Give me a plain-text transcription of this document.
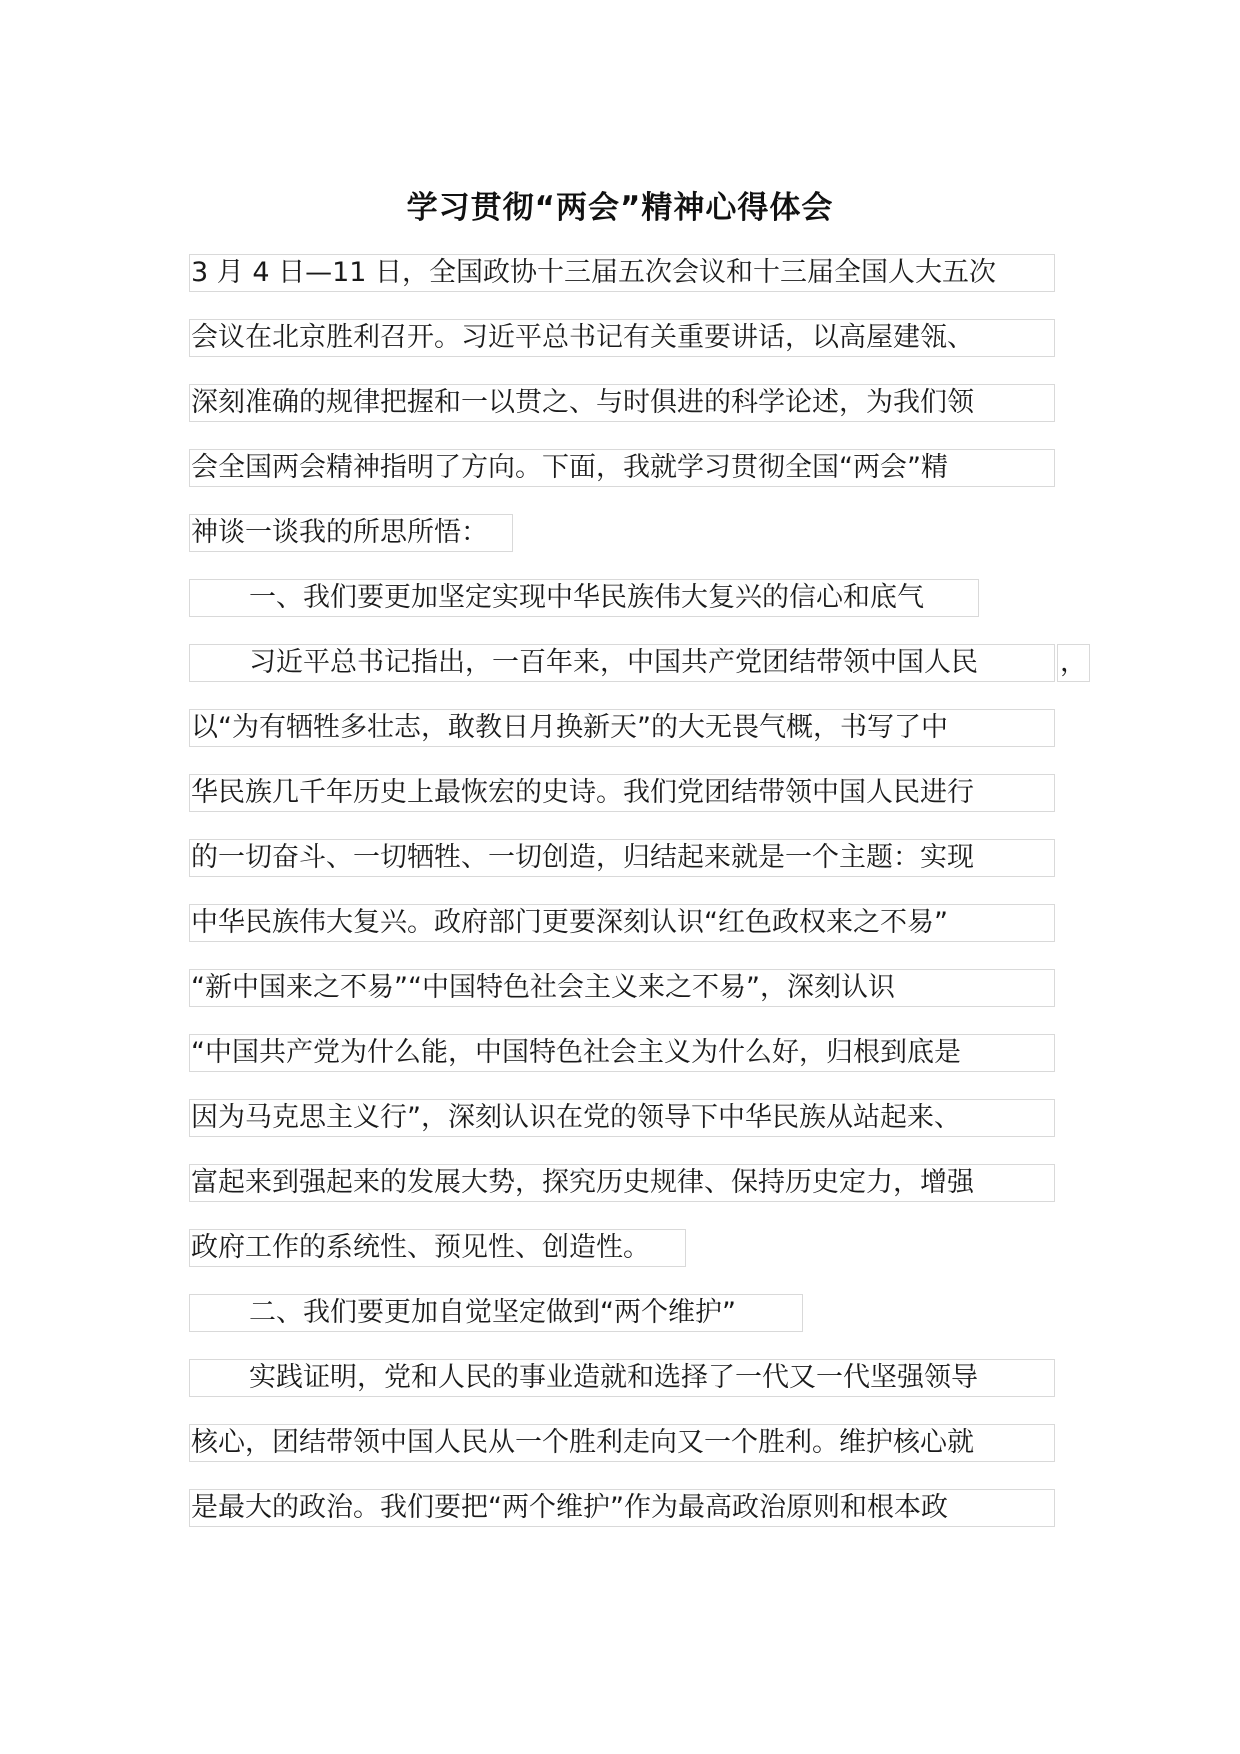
学习贯彻“两会”精神心得体会
3 月 4 日—11 日，全国政协十三届五次会议和十三届全国人大五次
会议在北京胜利召开。习近平总书记有关重要讲话，以高屋建瓴、
深刻准确的规律把握和一以贯之、与时俱进的科学论述，为我们领
会全国两会精神指明了方向。下面，我就学习贯彻全国“两会”精
神谈一谈我的所思所悟：
一、我们要更加坚定实现中华民族伟大复兴的信心和底气
习近平总书记指出，一百年来，中国共产党团结带领中国人民	，
以“为有牺牲多壮志，敢教日月换新天”的大无畏气概，书写了中
华民族几千年历史上最恢宏的史诗。我们党团结带领中国人民进行
的一切奋斗、一切牺牲、一切创造，归结起来就是一个主题：实现
中华民族伟大复兴。政府部门更要深刻认识“红色政权来之不易”
“新中国来之不易”“中国特色社会主义来之不易”，深刻认识
“中国共产党为什么能，中国特色社会主义为什么好，归根到底是
因为马克思主义行”，深刻认识在党的领导下中华民族从站起来、
富起来到强起来的发展大势，探究历史规律、保持历史定力，增强
政府工作的系统性、预见性、创造性。
二、我们要更加自觉坚定做到“两个维护”
实践证明，党和人民的事业造就和选择了一代又一代坚强领导
核心，团结带领中国人民从一个胜利走向又一个胜利。维护核心就
是最大的政治。我们要把“两个维护”作为最高政治原则和根本政
